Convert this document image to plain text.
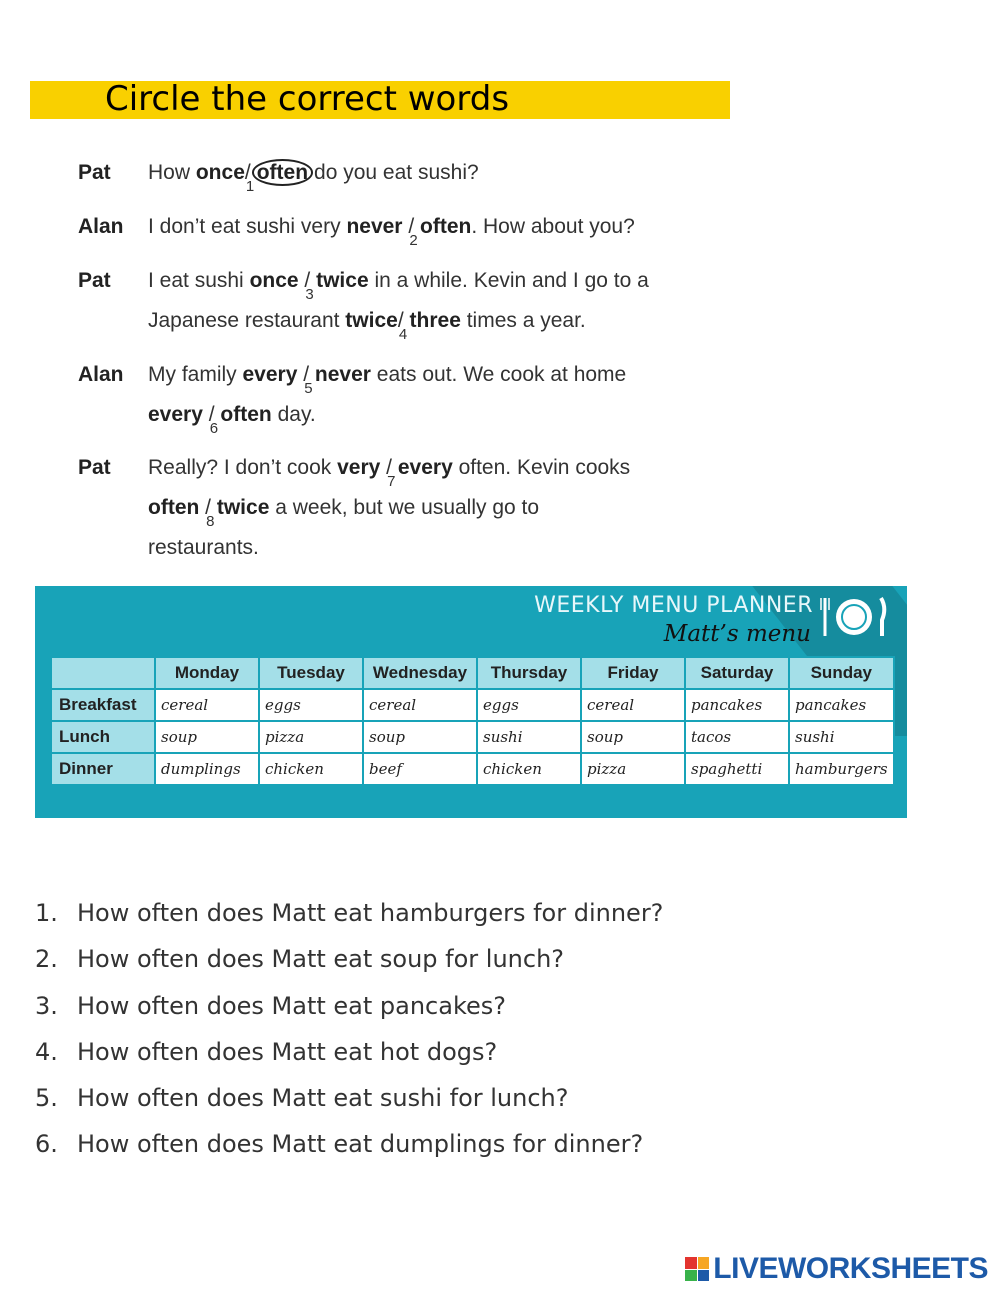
Circle the correct words
Pat How once/
1
often do you eat sushi?
Alan I don’t eat sushi very never /
2
often. How about you?
Pat I eat sushi once /
3
twice in a while. Kevin and I go to a
Japanese restaurant twice/
4
three times a year.
Alan My family every /
5
never eats out. We cook at home
every /
6
often day.
Pat Really? I don’t cook very /
7
every often. Kevin cooks
often /
8
twice a week, but we usually go to
restaurants.
WEEKLY MENU PLANNER
Matt’s menu
	Monday	Tuesday	Wednesday	Thursday	Friday	Saturday	Sunday
Breakfast	cereal	eggs	cereal	eggs	cereal	pancakes	pancakes
Lunch	soup	pizza	soup	sushi	soup	tacos	sushi
Dinner	dumplings	chicken	beef	chicken	pizza	spaghetti	hamburgers
1. How often does Matt eat hamburgers for dinner?
2. How often does Matt eat soup for lunch?
3. How often does Matt eat pancakes?
4. How often does Matt eat hot dogs?
5. How often does Matt eat sushi for lunch?
6. How often does Matt eat dumplings for dinner?
LIVEWORKSHEETS
